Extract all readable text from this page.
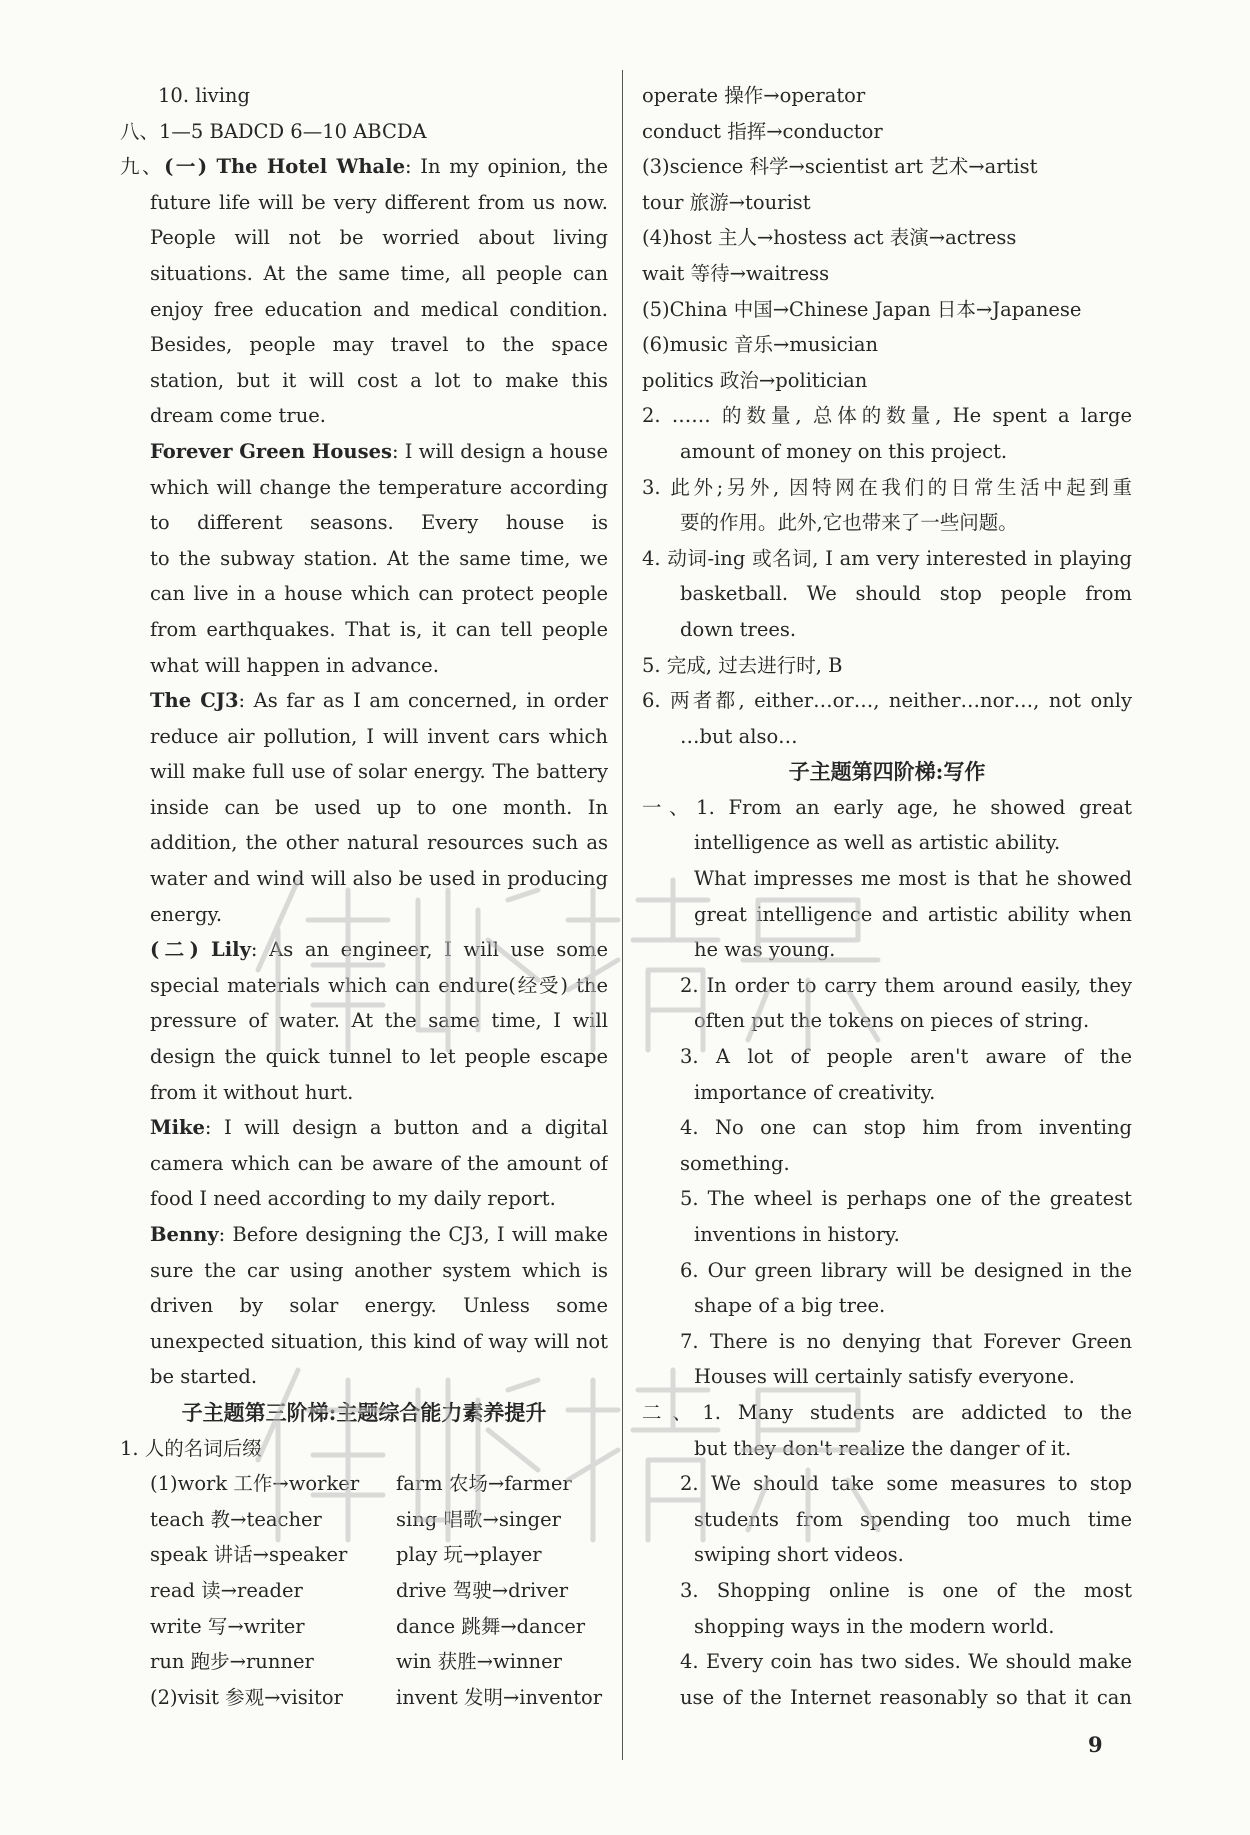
10. living
八、1—5 BADCD 6—10 ABCDA
九、(一) The Hotel Whale: In my opinion, the
future life will be very different from us now.
People will not be worried about living
situations. At the same time, all people can
enjoy free education and medical condition.
Besides, people may travel to the space
station, but it will cost a lot to make this
dream come true.
Forever Green Houses: I will design a house
which will change the temperature according
to different seasons. Every house is
to the subway station. At the same time, we
can live in a house which can protect people
from earthquakes. That is, it can tell people
what will happen in advance.
The CJ3: As far as I am concerned, in order
reduce air pollution, I will invent cars which
will make full use of solar energy. The battery
inside can be used up to one month. In
addition, the other natural resources such as
water and wind will also be used in producing
energy.
(二) Lily: As an engineer, I will use some
special materials which can endure(经受) the
pressure of water. At the same time, I will
design the quick tunnel to let people escape
from it without hurt.
Mike: I will design a button and a digital
camera which can be aware of the amount of
food I need according to my daily report.
Benny: Before designing the CJ3, I will make
sure the car using another system which is
driven by solar energy. Unless some
unexpected situation, this kind of way will not
be started.
子主题第三阶梯:主题综合能力素养提升
1. 人的名词后缀
(1)work 工作→worker	farm 农场→farmer
teach 教→teacher	sing 唱歌→singer
speak 讲话→speaker	play 玩→player
read 读→reader	drive 驾驶→driver
write 写→writer	dance 跳舞→dancer
run 跑步→runner	win 获胜→winner
(2)visit 参观→visitor	invent 发明→inventor
operate 操作→operator
conduct 指挥→conductor
(3)science 科学→scientist art 艺术→artist
tour 旅游→tourist
(4)host 主人→hostess act 表演→actress
wait 等待→waitress
(5)China 中国→Chinese Japan 日本→Japanese
(6)music 音乐→musician
politics 政治→politician
2. …… 的数量, 总体的数量, He spent a large
amount of money on this project.
3. 此外;另外, 因特网在我们的日常生活中起到重
要的作用。此外,它也带来了一些问题。
4. 动词-ing 或名词, I am very interested in playing
basketball. We should stop people from
down trees.
5. 完成, 过去进行时, B
6. 两者都, either…or…, neither…nor…, not only
…but also…
子主题第四阶梯:写作
一、1. From an early age, he showed great
intelligence as well as artistic ability.
What impresses me most is that he showed
great intelligence and artistic ability when
he was young.
2. In order to carry them around easily, they
often put the tokens on pieces of string.
3. A lot of people aren't aware of the
importance of creativity.
4. No one can stop him from inventing
something.
5. The wheel is perhaps one of the greatest
inventions in history.
6. Our green library will be designed in the
shape of a big tree.
7. There is no denying that Forever Green
Houses will certainly satisfy everyone.
二、1. Many students are addicted to the
but they don't realize the danger of it.
2. We should take some measures to stop
students from spending too much time
swiping short videos.
3. Shopping online is one of the most
shopping ways in the modern world.
4. Every coin has two sides. We should make
use of the Internet reasonably so that it can
9
